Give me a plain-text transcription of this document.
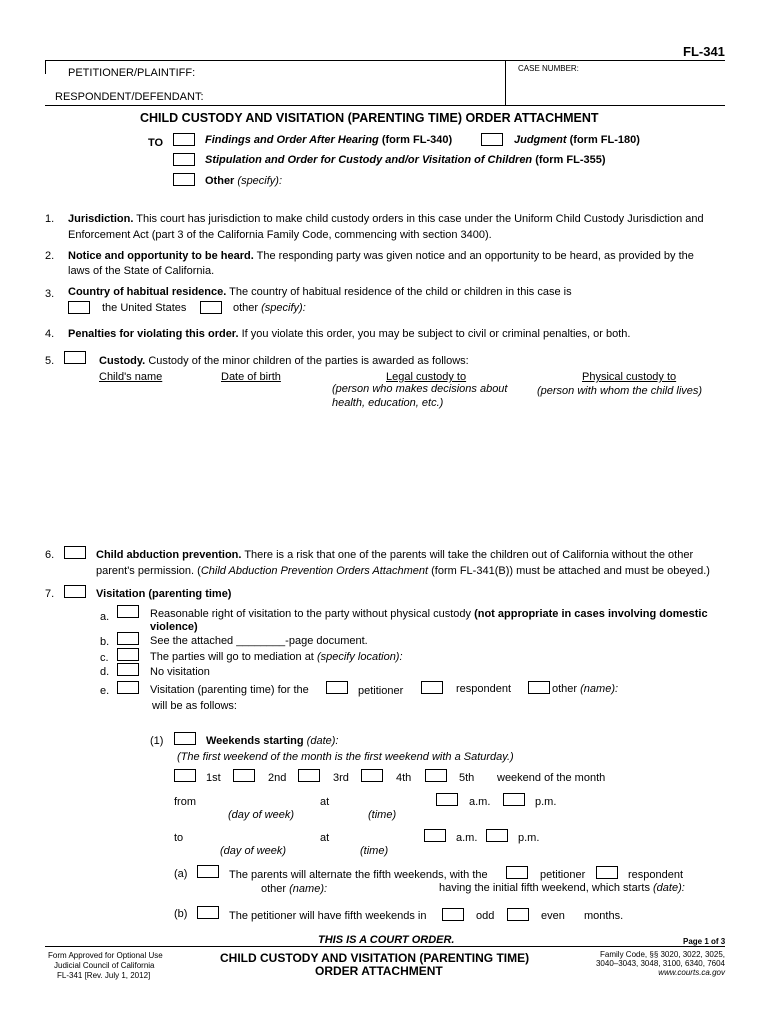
FL-341
PETITIONER/PLAINTIFF:
RESPONDENT/DEFENDANT:
CASE NUMBER:
CHILD CUSTODY AND VISITATION (PARENTING TIME) ORDER ATTACHMENT
TO	Findings and Order After Hearing (form FL-340)	Judgment (form FL-180)
Stipulation and Order for Custody and/or Visitation of Children (form FL-355)
Other (specify):
1. Jurisdiction. This court has jurisdiction to make child custody orders in this case under the Uniform Child Custody Jurisdiction and
Enforcement Act (part 3 of the California Family Code, commencing with section 3400).
2. Notice and opportunity to be heard. The responding party was given notice and an opportunity to be heard, as provided by the
laws of the State of California.
3. Country of habitual residence. The country of habitual residence of the child or children in this case is
the United States	other (specify):
4. Penalties for violating this order. If you violate this order, you may be subject to civil or criminal penalties, or both.
5.	Custody. Custody of the minor children of the parties is awarded as follows:
Child's name	Date of birth	Legal custody to
(person who makes decisions about
health, education, etc.)
Physical custody to
(person with whom the child lives)
6.	Child abduction prevention. There is a risk that one of the parents will take the children out of California without the other
parent's permission. (Child Abduction Prevention Orders Attachment (form FL-341(B)) must be attached and must be obeyed.)
7.	Visitation (parenting time)
a.	Reasonable right of visitation to the party without physical custody (not appropriate in cases involving domestic
violence)
b.	See the attached ________-page document.
c.	The parties will go to mediation at (specify location):
d.	No visitation
e.	Visitation (parenting time) for the	petitioner	respondent	other (name):
will be as follows:
(1)	Weekends starting (date):
(The first weekend of the month is the first weekend with a Saturday.)
1st	2nd	3rd	4th	5th weekend of the month
from	at
(day of week)	(time)
a.m.	p.m.
to	at
(day of week)	(time)
a.m.	p.m.
(a)	The parents will alternate the fifth weekends, with the	petitioner	respondent
other (name):	having the initial fifth weekend, which starts (date):
(b)	The petitioner will have fifth weekends in	odd	even months.
THIS IS A COURT ORDER.	Page 1 of 3
Form Approved for Optional Use
Judicial Council of California
FL-341 [Rev. July 1, 2012]
CHILD CUSTODY AND VISITATION (PARENTING TIME)
ORDER ATTACHMENT
Family Code, §§ 3020, 3022, 3025,
3040–3043, 3048, 3100, 6340, 7604
www.courts.ca.gov
